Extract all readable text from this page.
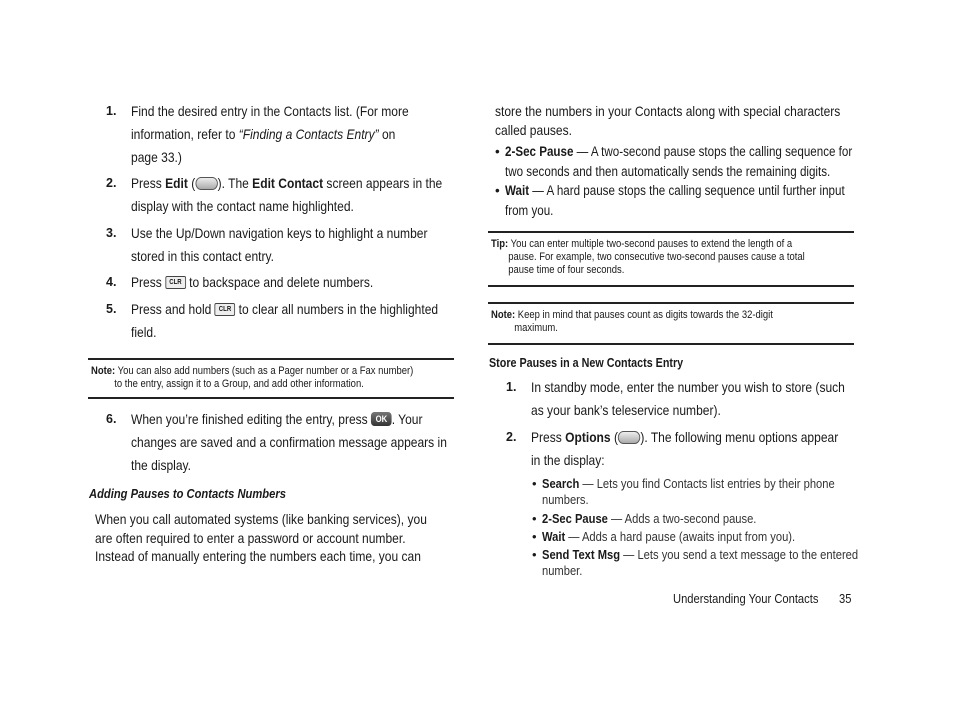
1. Find the desired entry in the Contacts list. (For more
information, refer to “Finding a Contacts Entry” on
page 33.)
2. Press Edit ( ). The Edit Contact screen appears in the
display with the contact name highlighted.
3. Use the Up/Down navigation keys to highlight a number
stored in this contact entry.
4. Press CLR to backspace and delete numbers.
5. Press and hold CLR to clear all numbers in the highlighted
field.
Note: You can also add numbers (such as a Pager number or a Fax number)
to the entry, assign it to a Group, and add other information.
6. When you’re finished editing the entry, press OK . Your
changes are saved and a confirmation message appears in
the display.
Adding Pauses to Contacts Numbers
When you call automated systems (like banking services), you
are often required to enter a password or account number.
Instead of manually entering the numbers each time, you can
store the numbers in your Contacts along with special characters
called pauses.
• 2-Sec Pause — A two-second pause stops the calling sequence for
two seconds and then automatically sends the remaining digits.
• Wait — A hard pause stops the calling sequence until further input
from you.
Tip: You can enter multiple two-second pauses to extend the length of a
pause. For example, two consecutive two-second pauses cause a total
pause time of four seconds.
Note: Keep in mind that pauses count as digits towards the 32-digit
maximum.
Store Pauses in a New Contacts Entry
1. In standby mode, enter the number you wish to store (such
as your bank’s teleservice number).
2. Press Options ( ). The following menu options appear
in the display:
• Search — Lets you find Contacts list entries by their phone
numbers.
• 2-Sec Pause — Adds a two-second pause.
• Wait — Adds a hard pause (awaits input from you).
• Send Text Msg — Lets you send a text message to the entered
number.
Understanding Your Contacts 35
